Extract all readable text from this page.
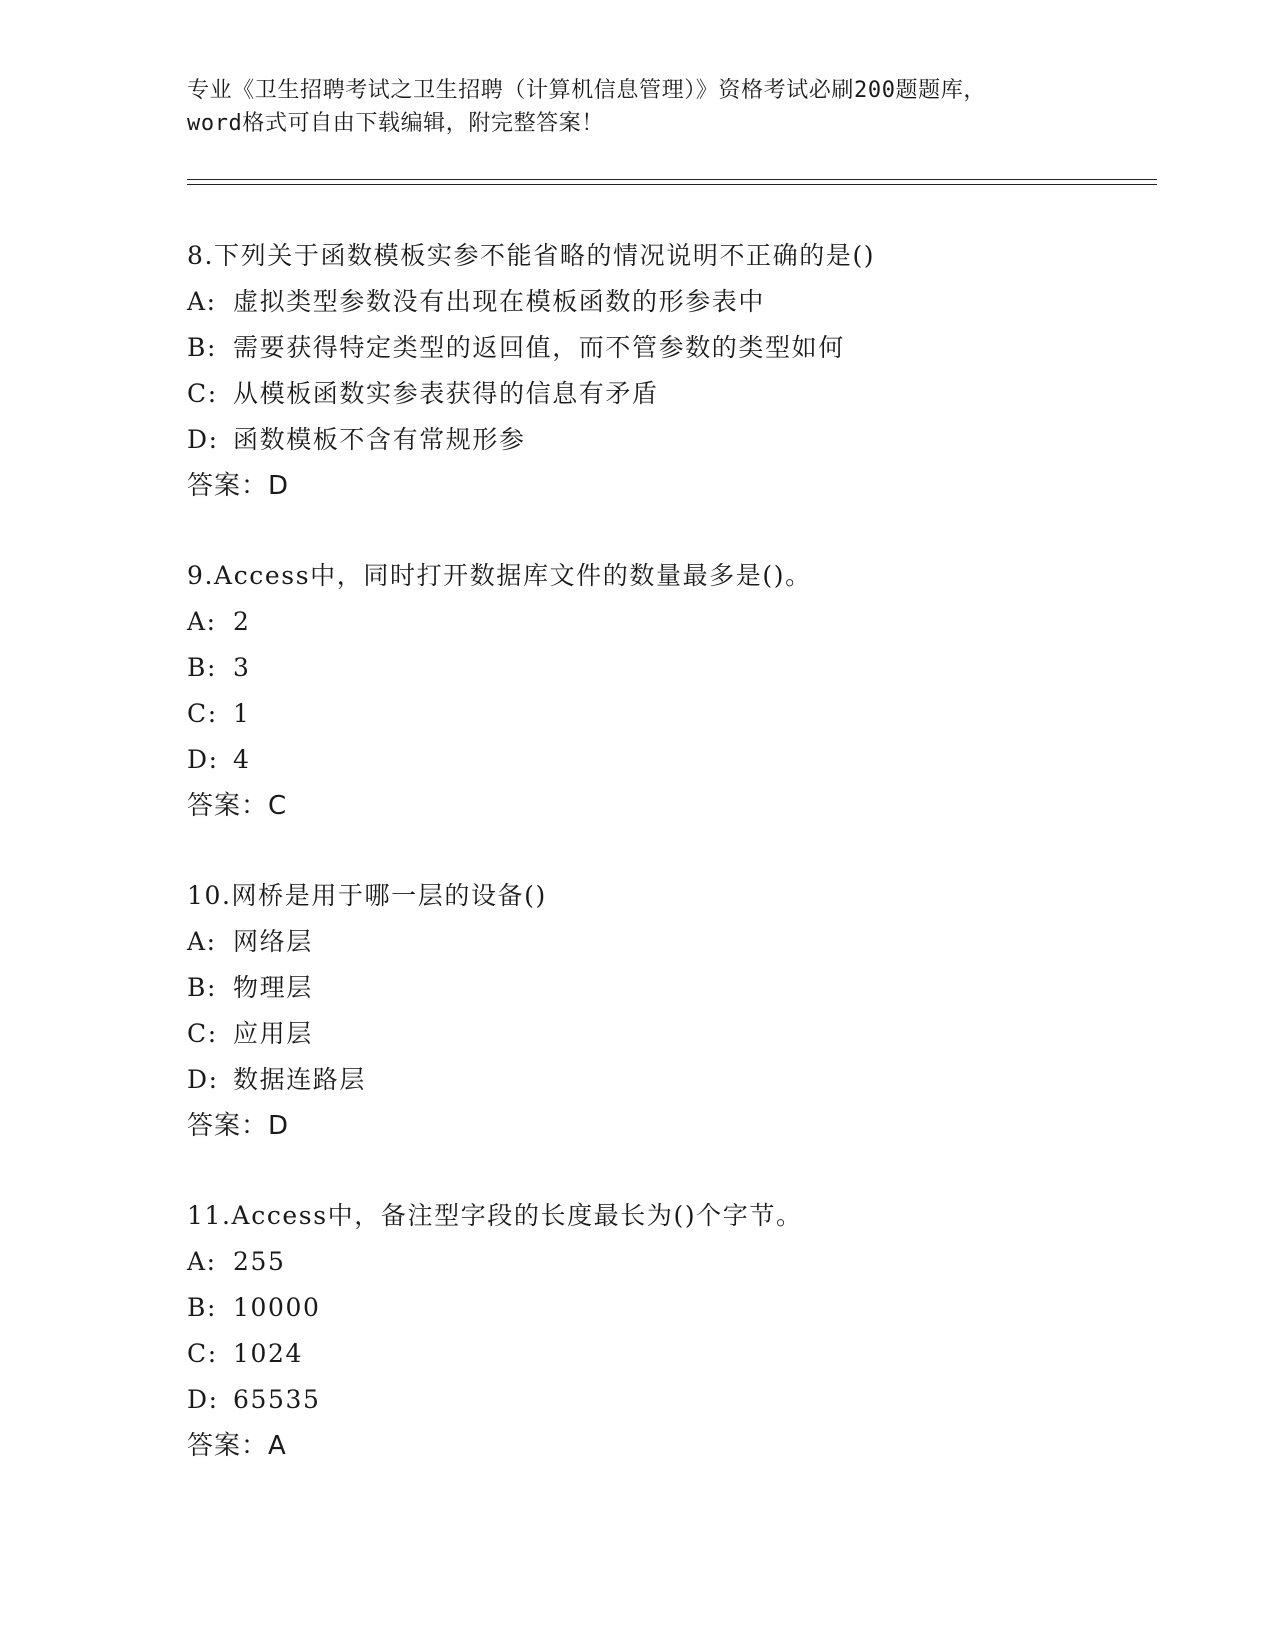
专业《卫生招聘考试之卫生招聘（计算机信息管理）》资格考试必刷200题题库，
word格式可自由下载编辑，附完整答案！
8.下列关于函数模板实参不能省略的情况说明不正确的是()
A: 虚拟类型参数没有出现在模板函数的形参表中
B: 需要获得特定类型的返回值，而不管参数的类型如何
C: 从模板函数实参表获得的信息有矛盾
D: 函数模板不含有常规形参
答案：D
9.Access中，同时打开数据库文件的数量最多是()。
A: 2
B: 3
C: 1
D: 4
答案：C
10.网桥是用于哪一层的设备()
A: 网络层
B: 物理层
C: 应用层
D: 数据连路层
答案：D
11.Access中，备注型字段的长度最长为()个字节。
A: 255
B: 10000
C: 1024
D: 65535
答案：A
